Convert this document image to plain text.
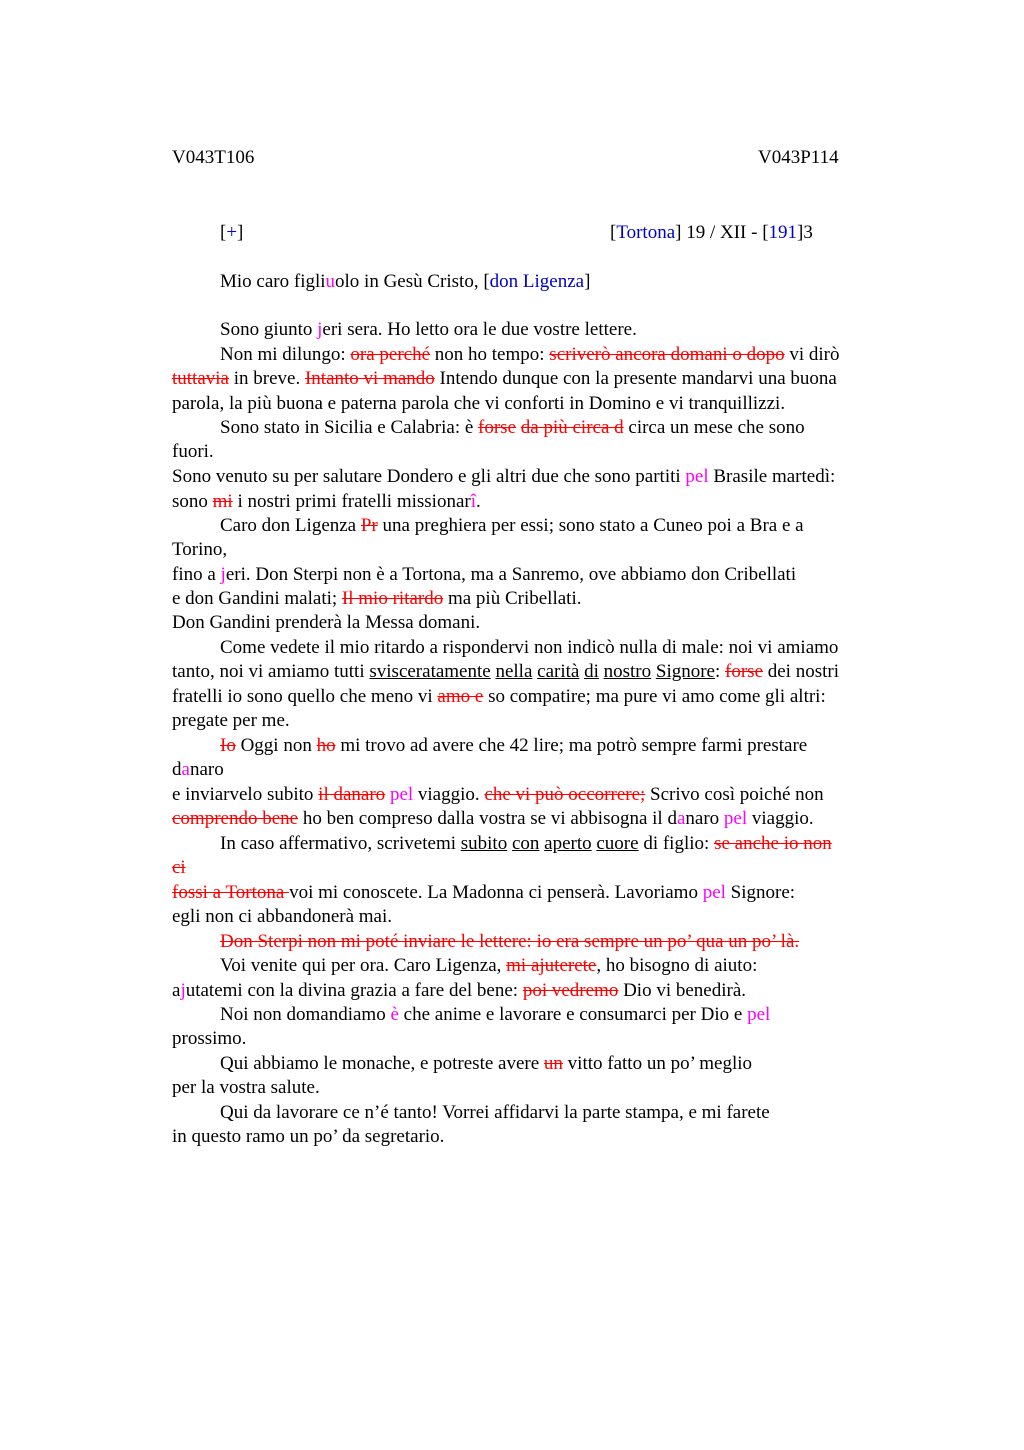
V043T106	V043P114
[+]	[Tortona] 19 / XII - [191]3
Mio caro figliuolo in Gesù Cristo, [don Ligenza]
Sono giunto jeri sera. Ho letto ora le due vostre lettere.
Non mi dilungo: ora perché non ho tempo: scriverò ancora domani o dopo vi dirò
tuttavia in breve. Intanto vi mando Intendo dunque con la presente mandarvi una buona
parola, la più buona e paterna parola che vi conforti in Domino e vi tranquillizzi.
Sono stato in Sicilia e Calabria: è forse da più circa d circa un mese che sono
fuori.
Sono venuto su per salutare Dondero e gli altri due che sono partiti pel Brasile martedì:
sono mi i nostri primi fratelli missionarî.
Caro don Ligenza Pr una preghiera per essi; sono stato a Cuneo poi a Bra e a
Torino,
fino a jeri. Don Sterpi non è a Tortona, ma a Sanremo, ove abbiamo don Cribellati
e don Gandini malati; Il mio ritardo ma più Cribellati.
Don Gandini prenderà la Messa domani.
Come vedete il mio ritardo a rispondervi non indicò nulla di male: noi vi amiamo
tanto, noi vi amiamo tutti svisceratamente nella carità di nostro Signore: forse dei nostri
fratelli io sono quello che meno vi amo e so compatire; ma pure vi amo come gli altri:
pregate per me.
Io Oggi non ho mi trovo ad avere che 42 lire; ma potrò sempre farmi prestare
danaro
e inviarvelo subito il danaro pel viaggio. che vi può occorrere; Scrivo così poiché non
comprendo bene ho ben compreso dalla vostra se vi abbisogna il danaro pel viaggio.
In caso affermativo, scrivetemi subito con aperto cuore di figlio: se anche io non
ci
fossi a Tortona voi mi conoscete. La Madonna ci penserà. Lavoriamo pel Signore:
egli non ci abbandonerà mai.
Don Sterpi non mi poté inviare le lettere: io era sempre un po’ qua un po’ là.
Voi venite qui per ora. Caro Ligenza, mi ajuterete, ho bisogno di aiuto:
ajutatemi con la divina grazia a fare del bene: poi vedremo Dio vi benedirà.
Noi non domandiamo è che anime e lavorare e consumarci per Dio e pel
prossimo.
Qui abbiamo le monache, e potreste avere un vitto fatto un po’ meglio
per la vostra salute.
Qui da lavorare ce n’é tanto! Vorrei affidarvi la parte stampa, e mi farete
in questo ramo un po’ da segretario.
